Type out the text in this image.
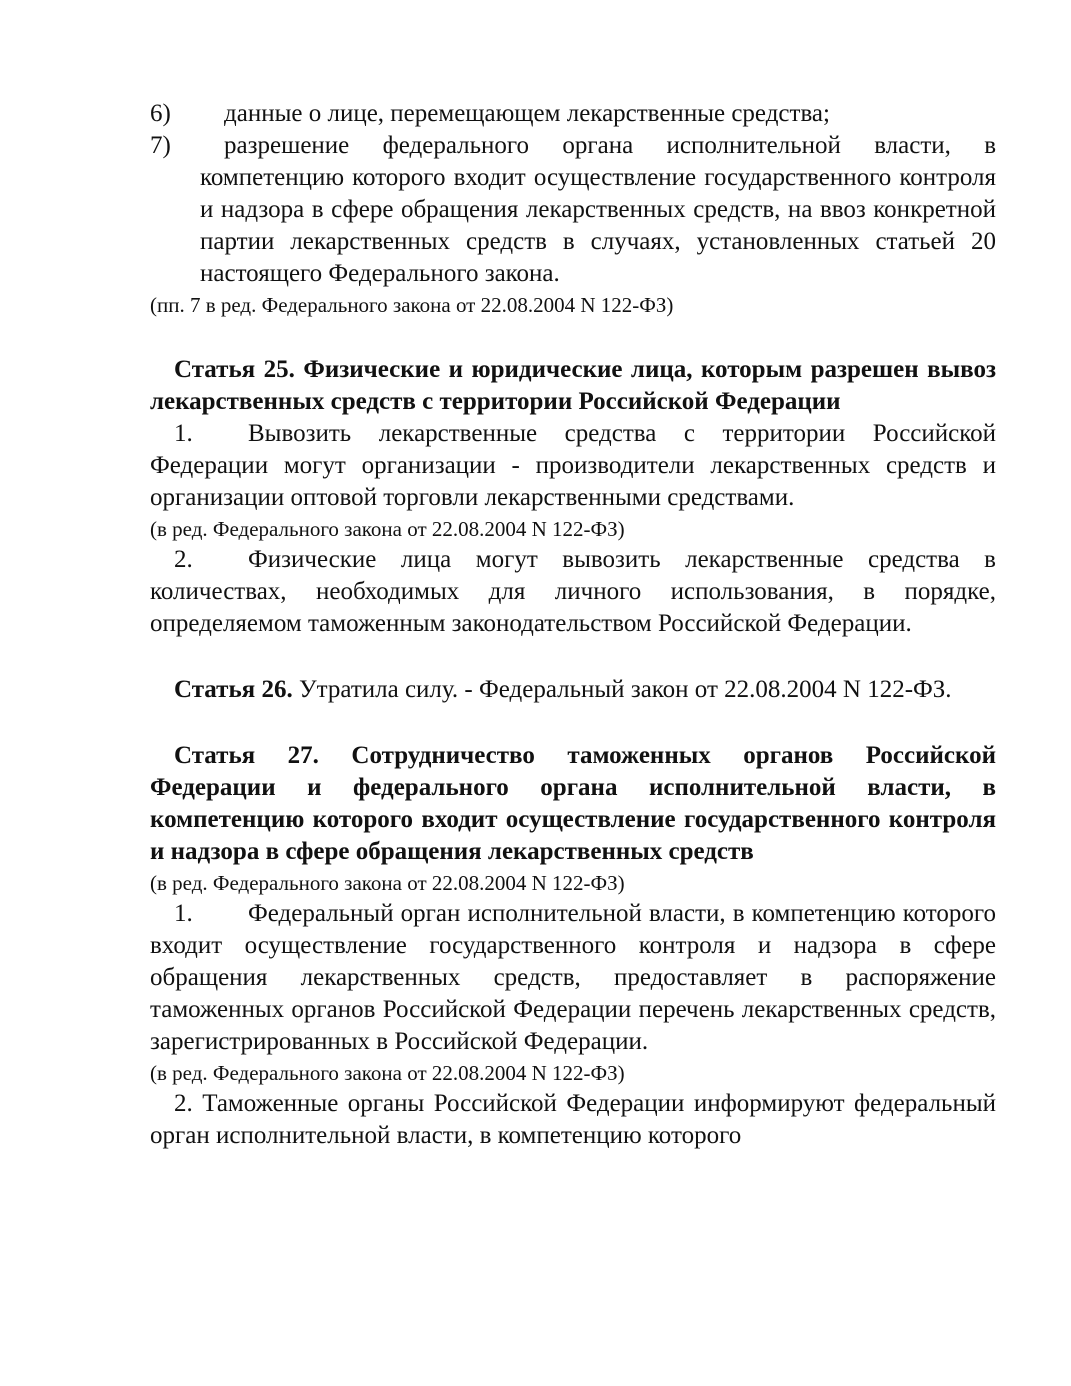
6) данные о лице, перемещающем лекарственные средства;
7) разрешение федерального органа исполнительной власти, в компетенцию которого входит осуществление государственного контроля и надзора в сфере обращения лекарственных средств, на ввоз конкретной партии лекарственных средств в случаях, установленных статьей 20 настоящего Федерального закона.

(пп. 7 в ред. Федерального закона от 22.08.2004 N 122-ФЗ)

Статья 25. Физические и юридические лица, которым разрешен вывоз лекарственных средств с территории Российской Федерации

1. Вывозить лекарственные средства с территории Российской Федерации могут организации - производители лекарственных средств и организации оптовой торговли лекарственными средствами.

(в ред. Федерального закона от 22.08.2004 N 122-ФЗ)

2. Физические лица могут вывозить лекарственные средства в количествах, необходимых для личного использования, в порядке, определяемом таможенным законодательством Российской Федерации.

Статья 26. Утратила силу. - Федеральный закон от 22.08.2004 N 122-ФЗ.

Статья 27. Сотрудничество таможенных органов Российской Федерации и федерального органа исполнительной власти, в компетенцию которого входит осуществление государственного контроля и надзора в сфере обращения лекарственных средств

(в ред. Федерального закона от 22.08.2004 N 122-ФЗ)

1. Федеральный орган исполнительной власти, в компетенцию которого входит осуществление государственного контроля и надзора в сфере обращения лекарственных средств, предоставляет в распоряжение таможенных органов Российской Федерации перечень лекарственных средств, зарегистрированных в Российской Федерации.

(в ред. Федерального закона от 22.08.2004 N 122-ФЗ)

2. Таможенные органы Российской Федерации информируют федеральный орган исполнительной власти, в компетенцию которого
